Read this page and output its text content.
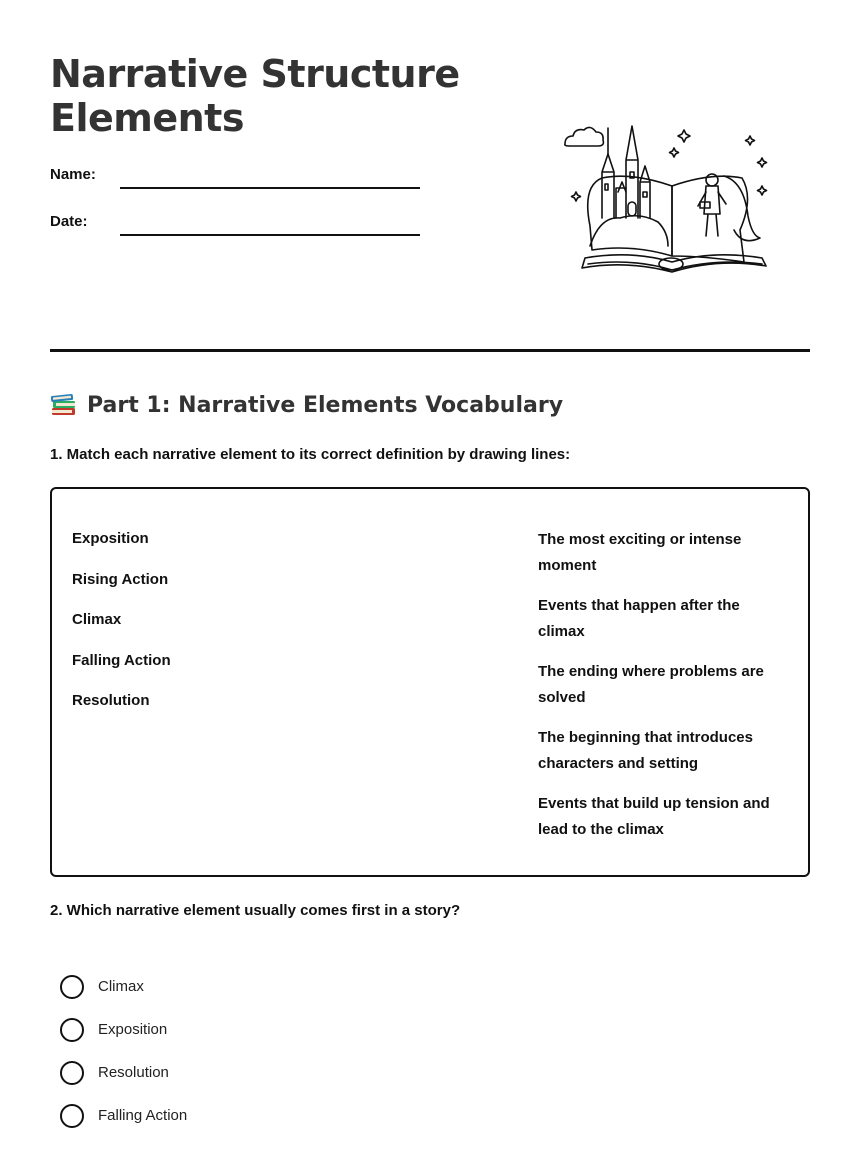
Narrative Structure Elements
Name:
Date:
Part 1: Narrative Elements Vocabulary
1. Match each narrative element to its correct definition by drawing lines:
Exposition
Rising Action
Climax
Falling Action
Resolution
The most exciting or intense moment
Events that happen after the climax
The ending where problems are solved
The beginning that introduces characters and setting
Events that build up tension and lead to the climax
2. Which narrative element usually comes first in a story?
Climax
Exposition
Resolution
Falling Action
